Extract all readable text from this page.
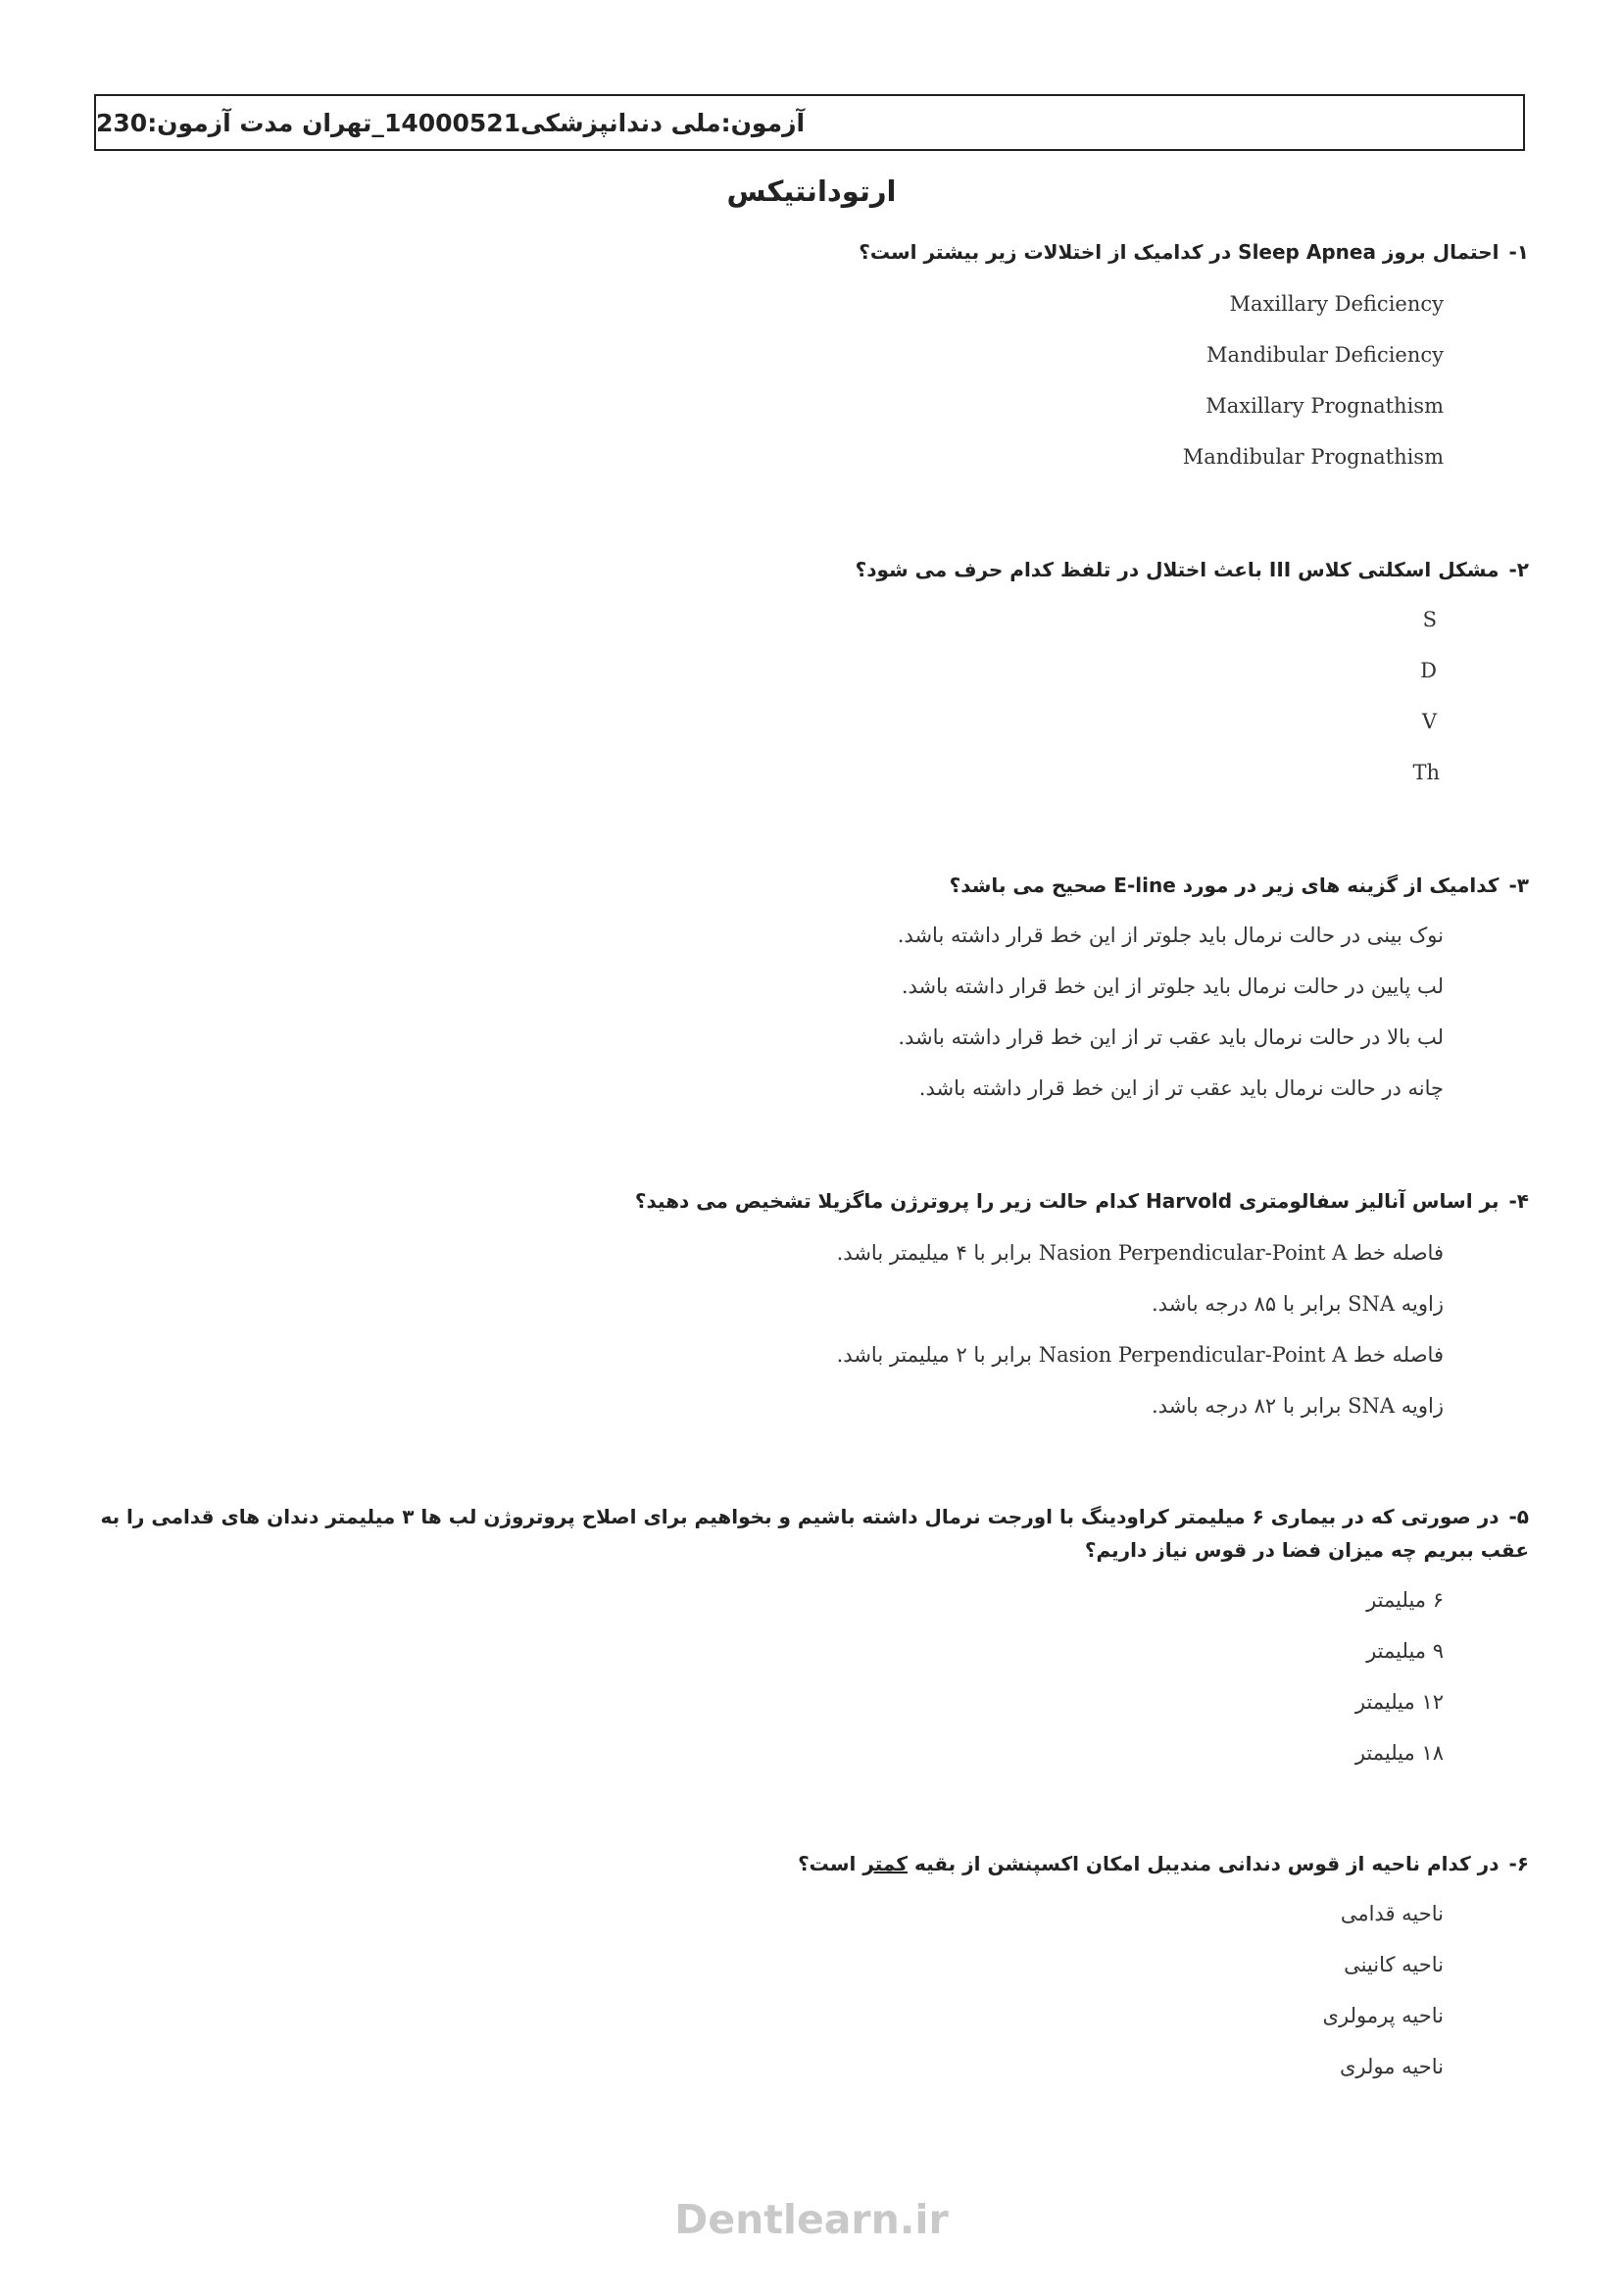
آزمون:ملی دندانپزشکی14000521_تهران مدت آزمون:230
ارتودانتیکس
۱-احتمال بروز Sleep Apnea در کدامیک از اختلالات زیر بیشتر است؟
Maxillary Deficiency
Mandibular Deficiency
Maxillary Prognathism
Mandibular Prognathism
۲-مشکل اسکلتی کلاس III باعث اختلال در تلفظ کدام حرف می شود؟
S
D
V
Th
۳-کدامیک از گزینه های زیر در مورد E-line صحیح می باشد؟
نوک بینی در حالت نرمال باید جلوتر از این خط قرار داشته باشد.
لب پایین در حالت نرمال باید جلوتر از این خط قرار داشته باشد.
لب بالا در حالت نرمال باید عقب تر از این خط قرار داشته باشد.
چانه در حالت نرمال باید عقب تر از این خط قرار داشته باشد.
۴-بر اساس آنالیز سفالومتری Harvold کدام حالت زیر را پروترژن ماگزیلا تشخیص می دهید؟
فاصله خط Nasion Perpendicular-Point A برابر با ۴ میلیمتر باشد.
زاویه SNA برابر با ۸۵ درجه باشد.
فاصله خط Nasion Perpendicular-Point A برابر با ۲ میلیمتر باشد.
زاویه SNA برابر با ۸۲ درجه باشد.
۵-در صورتی که در بیماری ۶ میلیمتر کراودینگ با اورجت نرمال داشته باشیم و بخواهیم برای اصلاح پروتروژن لب ها ۳ میلیمتر دندان های قدامی را به عقب ببریم چه میزان فضا در قوس نیاز داریم؟
۶ میلیمتر
۹ میلیمتر
۱۲ میلیمتر
۱۸ میلیمتر
۶-در کدام ناحیه از قوس دندانی مندیبل امکان اکسپنشن از بقیه کمتر است؟
ناحیه قدامی
ناحیه کانینی
ناحیه پرمولری
ناحیه مولری
Dentlearn.ir
